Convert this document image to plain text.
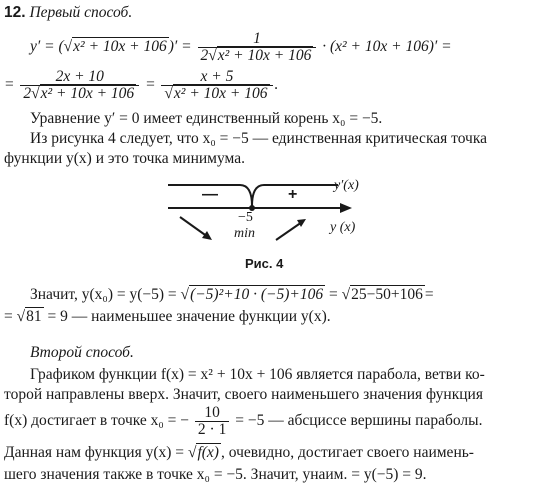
12. Первый способ.
y′ = (√x² + 10x + 106 )′ = $\frac{1}{\text{2√x² + 10x + 106}} \cdot (x^2 + 10x + 106)'$ =
= $\frac{2x + 10}{\text{2√x² + 10x + 106}} = \frac{x + 5}{\text{√x² + 10x + 106}}$ .
Уравнение y′ = 0 имеет единственный корень x₀ = −5.
Из рисунка 4 следует, что x₀ = −5 — единственная критическая точка
функции y(x) и это точка минимума.
—	+
y′(x)
y (x)
−5
min
Рис. 4
Значит, y(x₀) = y(−5) = √(−5)²+10 · (−5)+106 = √25−50+106 =
= √81 = 9 — наименьшее значение функции y(x).
Второй способ.
Графиком функции f(x) = x² + 10x + 106 является парабола, ветви ко-
торой направлены вверх. Значит, своего наименьшего значения функция
f(x) достигает в точке x₀ = − $\frac{10}{2 \cdot 1} = -5$ — абсциссе вершины параболы.
Данная нам функция y(x) = √f(x) , очевидно, достигает своего наимень-
шего значения также в точке x₀ = −5. Значит, yнаим. = y(−5) = 9.
